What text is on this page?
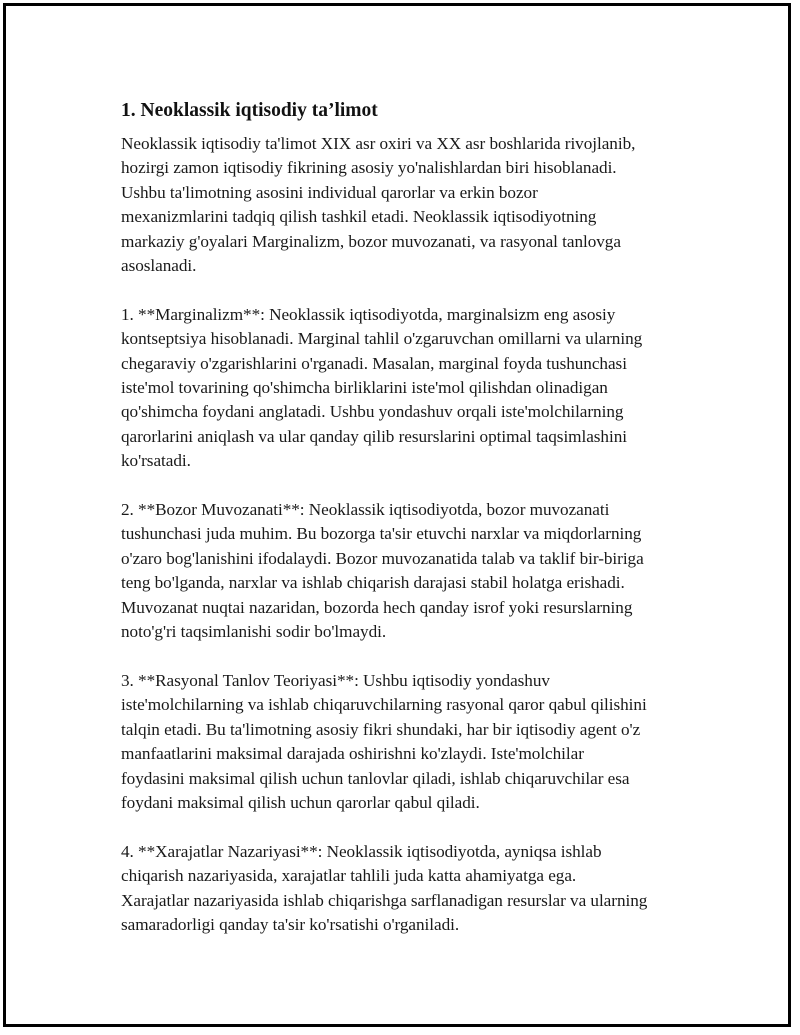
1. Neoklassik iqtisodiy ta’limot
Neoklassik iqtisodiy ta'limot XIX asr oxiri va XX asr boshlarida rivojlanib,
hozirgi zamon iqtisodiy fikrining asosiy yo'nalishlardan biri hisoblanadi.
Ushbu ta'limotning asosini individual qarorlar va erkin bozor
mexanizmlarini tadqiq qilish tashkil etadi. Neoklassik iqtisodiyotning
markaziy g'oyalari Marginalizm, bozor muvozanati, va rasyonal tanlovga
asoslanadi.
1. **Marginalizm**: Neoklassik iqtisodiyotda, marginalsizm eng asosiy
kontseptsiya hisoblanadi. Marginal tahlil o'zgaruvchan omillarni va ularning
chegaraviy o'zgarishlarini o'rganadi. Masalan, marginal foyda tushunchasi
iste'mol tovarining qo'shimcha birliklarini iste'mol qilishdan olinadigan
qo'shimcha foydani anglatadi. Ushbu yondashuv orqali iste'molchilarning
qarorlarini aniqlash va ular qanday qilib resurslarini optimal taqsimlashini
ko'rsatadi.
2. **Bozor Muvozanati**: Neoklassik iqtisodiyotda, bozor muvozanati
tushunchasi juda muhim. Bu bozorga ta'sir etuvchi narxlar va miqdorlarning
o'zaro bog'lanishini ifodalaydi. Bozor muvozanatida talab va taklif bir-biriga
teng bo'lganda, narxlar va ishlab chiqarish darajasi stabil holatga erishadi.
Muvozanat nuqtai nazaridan, bozorda hech qanday isrof yoki resurslarning
noto'g'ri taqsimlanishi sodir bo'lmaydi.
3. **Rasyonal Tanlov Teoriyasi**: Ushbu iqtisodiy yondashuv
iste'molchilarning va ishlab chiqaruvchilarning rasyonal qaror qabul qilishini
talqin etadi. Bu ta'limotning asosiy fikri shundaki, har bir iqtisodiy agent o'z
manfaatlarini maksimal darajada oshirishni ko'zlaydi. Iste'molchilar
foydasini maksimal qilish uchun tanlovlar qiladi, ishlab chiqaruvchilar esa
foydani maksimal qilish uchun qarorlar qabul qiladi.
4. **Xarajatlar Nazariyasi**: Neoklassik iqtisodiyotda, ayniqsa ishlab
chiqarish nazariyasida, xarajatlar tahlili juda katta ahamiyatga ega.
Xarajatlar nazariyasida ishlab chiqarishga sarflanadigan resurslar va ularning
samaradorligi qanday ta'sir ko'rsatishi o'rganiladi.
